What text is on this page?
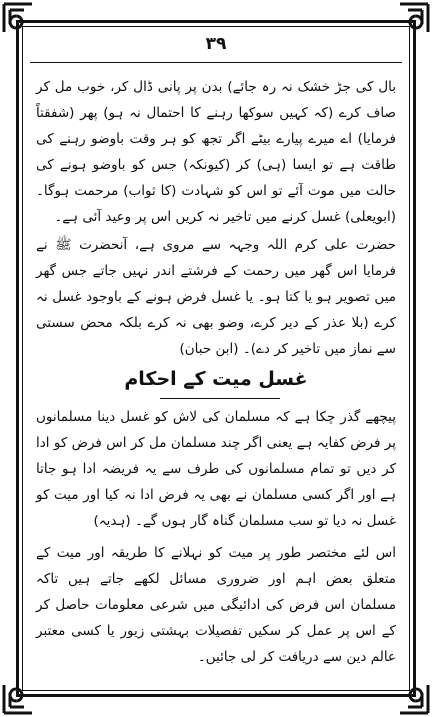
۳۹
بال کی جڑ خشک نہ رہ جائے) بدن پر پانی ڈال کر، خوب مل کر صاف کرے (کہ کہیں سوکھا رہنے کا احتمال نہ ہو) پھر (شفقتاً فرمایا) اے میرے پیارے بیٹے اگر تجھ کو ہر وقت باوضو رہنے کی طاقت ہے تو ایسا (ہی) کر (کیونکہ) جس کو باوضو ہونے کی حالت میں موت آئے تو اس کو شہادت (کا ثواب) مرحمت ہوگا۔ (ابویعلی) غسل کرنے میں تاخیر نہ کریں اس پر وعید آئی ہے۔
حضرت علی کرم اللہ وجہہ سے مروی ہے، آنحضرت ﷺ نے فرمایا اس گھر میں رحمت کے فرشتے اندر نہیں جاتے جس گھر میں تصویر ہو یا کتا ہو۔ یا غسل فرض ہونے کے باوجود غسل نہ کرے (بلا عذر کے دیر کرے، وضو بھی نہ کرے بلکہ محض سستی سے نماز میں تاخیر کر دے)۔ (ابن حبان)
غسل میت کے احکام
پیچھے گذر چکا ہے کہ مسلمان کی لاش کو غسل دینا مسلمانوں پر فرض کفایہ ہے یعنی اگر چند مسلمان مل کر اس فرض کو ادا کر دیں تو تمام مسلمانوں کی طرف سے یہ فریضہ ادا ہو جاتا ہے اور اگر کسی مسلمان نے بھی یہ فرض ادا نہ کیا اور میت کو غسل نہ دیا تو سب مسلمان گناہ گار ہوں گے۔ (ہدیہ)
اس لئے مختصر طور پر میت کو نہلانے کا طریقہ اور میت کے متعلق بعض اہم اور ضروری مسائل لکھے جاتے ہیں تاکہ مسلمان اس فرض کی ادائیگی میں شرعی معلومات حاصل کر کے اس پر عمل کر سکیں تفصیلات بہشتی زیور یا کسی معتبر عالم دین سے دریافت کر لی جائیں۔
